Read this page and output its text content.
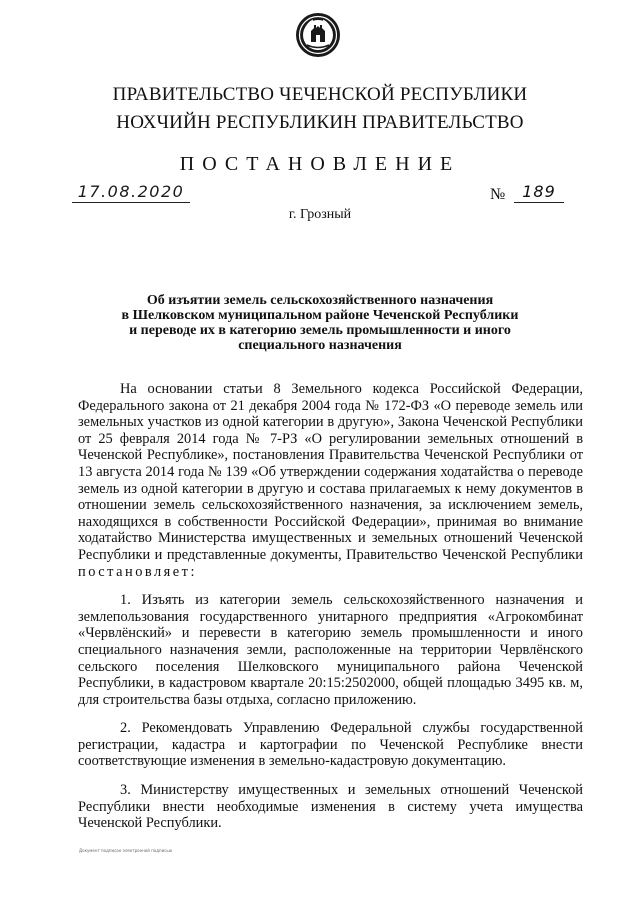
ПРАВИТЕЛЬСТВО ЧЕЧЕНСКОЙ РЕСПУБЛИКИ
НОХЧИЙН РЕСПУБЛИКИН ПРАВИТЕЛЬСТВО
ПОСТАНОВЛЕНИЕ
17.08.2020	№	189
г. Грозный
Об изъятии земель сельскохозяйственного назначения
в Шелковском муниципальном районе Чеченской Республики
и переводе их в категорию земель промышленности и иного
специального назначения

На основании статьи 8 Земельного кодекса Российской Федерации, Федерального закона от 21 декабря 2004 года № 172-ФЗ «О переводе земель или земельных участков из одной категории в другую», Закона Чеченской Республики от 25 февраля 2014 года № 7-РЗ «О регулировании земельных отношений в Чеченской Республике», постановления Правительства Чеченской Республики от 13 августа 2014 года № 139 «Об утверждении содержания ходатайства о переводе земель из одной категории в другую и состава прилагаемых к нему документов в отношении земель сельскохозяйственного назначения, за исключением земель, находящихся в собственности Российской Федерации», принимая во внимание ходатайство Министерства имущественных и земельных отношений Чеченской Республики и представленные документы, Правительство Чеченской Республики постановляет:

1. Изъять из категории земель сельскохозяйственного назначения и землепользования государственного унитарного предприятия «Агрокомбинат «Червлёнский» и перевести в категорию земель промышленности и иного специального назначения земли, расположенные на территории Червлёнского сельского поселения Шелковского муниципального района Чеченской Республики, в кадастровом квартале 20:15:2502000, общей площадью 3495 кв. м, для строительства базы отдыха, согласно приложению.

2. Рекомендовать Управлению Федеральной службы государственной регистрации, кадастра и картографии по Чеченской Республике внести соответствующие изменения в земельно-кадастровую документацию.

3. Министерству имущественных и земельных отношений Чеченской Республики внести необходимые изменения в систему учета имущества Чеченской Республики.

Документ подписан электронной подписью
